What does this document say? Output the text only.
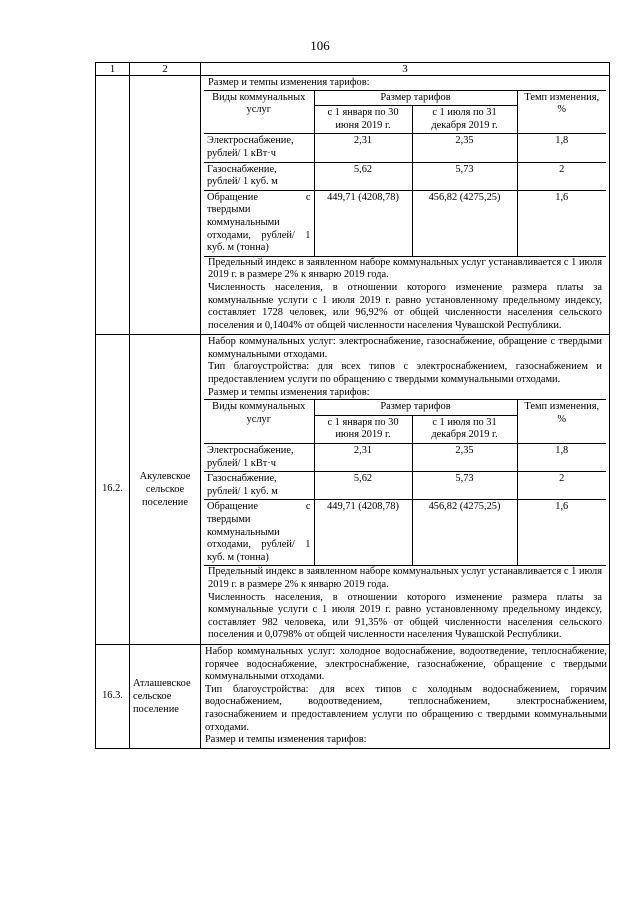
106
1	2	3

Размер и темпы изменения тарифов:

Виды коммунальных услуг	Размер тарифов	Темп изменения, %
с 1 января по 30 июня 2019 г.	с 1 июля по 31 декабря 2019 г.
Электроснабжение, рублей/ 1 кВт·ч	2,31	2,35	1,8
Газоснабжение, рублей/ 1 куб. м	5,62	5,73	2
Обращение с твердыми коммунальными отходами, рублей/ 1 куб. м (тонна)	449,71 (4208,78)	456,82 (4275,25)	1,6

Предельный индекс в заявленном наборе коммунальных услуг устанавливается с 1 июля 2019 г. в размере 2% к январю 2019 года.

Численность населения, в отношении которого изменение размера платы за коммунальные услуги с 1 июля 2019 г. равно установленному предельному индексу, составляет 1728 человек, или 96,92% от общей численности населения сельского поселения и 0,1404% от общей численности населения Чувашской Республики.

16.2.	Акулевское сельское поселение	

Набор коммунальных услуг: электроснабжение, газоснабжение, обращение с твердыми коммунальными отходами.

Тип благоустройства: для всех типов с электроснабжением, газоснабжением и предоставлением услуги по обращению с твердыми коммунальными отходами.

Размер и темпы изменения тарифов:

Виды коммунальных услуг	Размер тарифов	Темп изменения, %
с 1 января по 30 июня 2019 г.	с 1 июля по 31 декабря 2019 г.
Электроснабжение, рублей/ 1 кВт·ч	2,31	2,35	1,8
Газоснабжение, рублей/ 1 куб. м	5,62	5,73	2
Обращение с твердыми коммунальными отходами, рублей/ 1 куб. м (тонна)	449,71 (4208,78)	456,82 (4275,25)	1,6

Предельный индекс в заявленном наборе коммунальных услуг устанавливается с 1 июля 2019 г. в размере 2% к январю 2019 года.

Численность населения, в отношении которого изменение размера платы за коммунальные услуги с 1 июля 2019 г. равно установленному предельному индексу, составляет 982 человека, или 91,35% от общей численности населения сельского поселения и 0,0798% от общей численности населения Чувашской Республики.

16.3.	Атлашевское сельское поселение	

Набор коммунальных услуг: холодное водоснабжение, водоотведение, теплоснабжение, горячее водоснабжение, электроснабжение, газоснабжение, обращение с твердыми коммунальными отходами.

Тип благоустройства: для всех типов с холодным водоснабжением, горячим водоснабжением, водоотведением, теплоснабжением, электроснабжением, газоснабжением и предоставлением услуги по обращению с твердыми коммунальными отходами.

Размер и темпы изменения тарифов:
